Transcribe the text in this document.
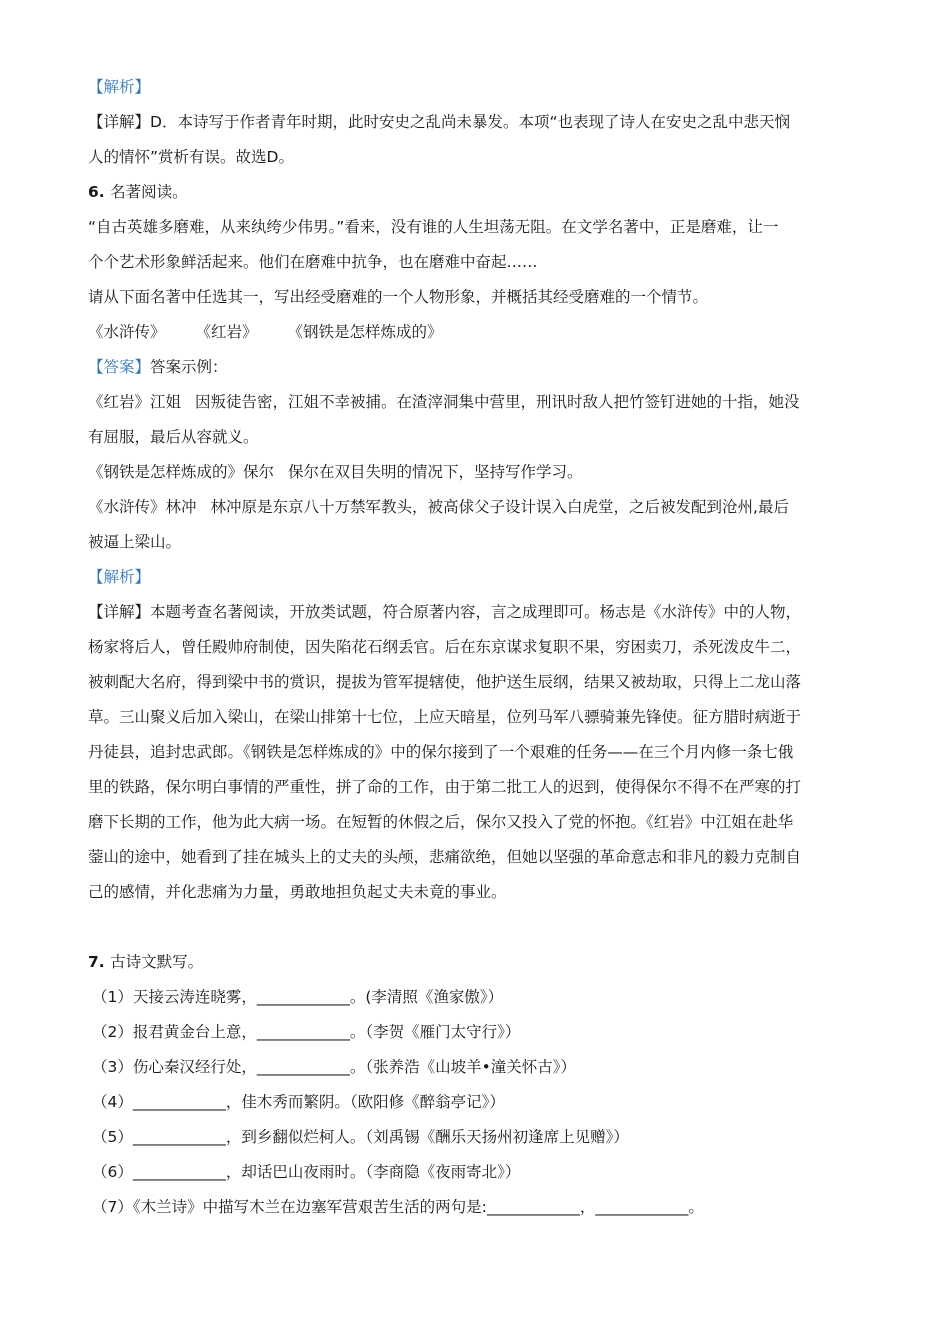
【解析】
【详解】D．本诗写于作者青年时期，此时安史之乱尚未暴发。本项“也表现了诗人在安史之乱中悲天悯
人的情怀”赏析有误。故选D。
6. 名著阅读。
“自古英雄多磨难，从来纨绔少伟男。”看来，没有谁的人生坦荡无阻。在文学名著中，正是磨难，让一
个个艺术形象鲜活起来。他们在磨难中抗争，也在磨难中奋起……
请从下面名著中任选其一，写出经受磨难的一个人物形象，并概括其经受磨难的一个情节。
《水浒传》 《红岩》 《钢铁是怎样炼成的》
【答案】答案示例：
《红岩》江姐 因叛徒告密，江姐不幸被捕。在渣滓洞集中营里，刑讯时敌人把竹签钉进她的十指，她没
有屈服，最后从容就义。
《钢铁是怎样炼成的》保尔 保尔在双目失明的情况下，坚持写作学习。
《水浒传》林冲 林冲原是东京八十万禁军教头，被高俅父子设计误入白虎堂，之后被发配到沧州,最后
被逼上梁山。
【解析】
【详解】本题考查名著阅读，开放类试题，符合原著内容，言之成理即可。杨志是《水浒传》中的人物，
杨家将后人，曾任殿帅府制使，因失陷花石纲丢官。后在东京谋求复职不果，穷困卖刀，杀死泼皮牛二，
被刺配大名府，得到梁中书的赏识，提拔为管军提辖使，他护送生辰纲，结果又被劫取，只得上二龙山落
草。三山聚义后加入梁山，在梁山排第十七位，上应天暗星，位列马军八骠骑兼先锋使。征方腊时病逝于
丹徒县，追封忠武郎。《钢铁是怎样炼成的》中的保尔接到了一个艰难的任务——在三个月内修一条七俄
里的铁路，保尔明白事情的严重性，拼了命的工作，由于第二批工人的迟到，使得保尔不得不在严寒的打
磨下长期的工作，他为此大病一场。在短暂的休假之后，保尔又投入了党的怀抱。《红岩》中江姐在赴华
蓥山的途中，她看到了挂在城头上的丈夫的头颅，悲痛欲绝，但她以坚强的革命意志和非凡的毅力克制自
己的感情，并化悲痛为力量，勇敢地担负起丈夫未竟的事业。
7. 古诗文默写。
（1）天接云涛连晓雾，____________。(李清照《渔家傲》）
（2）报君黄金台上意，____________。（李贺《雁门太守行》）
（3）伤心秦汉经行处，____________。（张养浩《山坡羊•潼关怀古》）
（4）____________，佳木秀而繁阴。（欧阳修《醉翁亭记》）
（5）____________，到乡翻似烂柯人。（刘禹锡《酬乐天扬州初逢席上见赠》）
（6）____________，却话巴山夜雨时。（李商隐《夜雨寄北》）
（7）《木兰诗》中描写木兰在边塞军营艰苦生活的两句是:____________，____________。
